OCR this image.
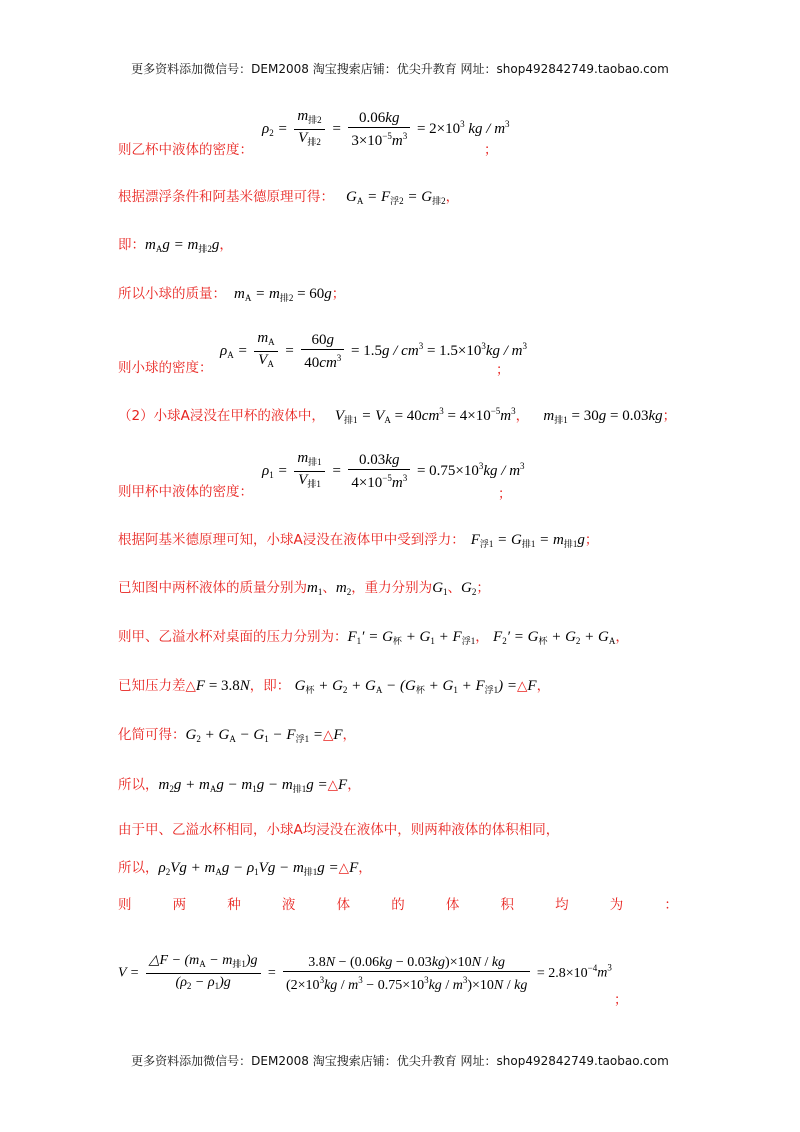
更多资料添加微信号：DEM2008 淘宝搜索店铺：优尖升教育 网址：shop492842749.taobao.com
$\rho_2 = \frac{m_{排2}}{V_{排2}} = \frac{0.06kg}{3\times 10^{-5}m^3} = 2\times 10^3$ kg / $m^3$
则乙杯中液体的密度：	；
根据漂浮条件和阿基米德原理可得： $G_A = F_{浮2} = G_{排2}$，
即：$m_Ag = m_{排2}g$，
所以小球的质量： $m_A = m_{排2} = 60g$；
$\rho_A = \frac{m_A}{V_A} = \frac{60g}{40cm^3} = 1.5g / cm^3 = 1.5\times 10^3kg / m^3$
则小球的密度：	；
（2）小球A浸没在甲杯的液体中， $V_{排1} = V_A = 40cm^3 = 4\times 10^{-5}m^3$， $m_{排1} = 30g = 0.03kg$；
$\rho_1 = \frac{m_{排1}}{V_{排1}} = \frac{0.03kg}{4\times 10^{-5}m^3} = 0.75\times 10^3kg / m^3$
则甲杯中液体的密度：	；
根据阿基米德原理可知，小球A浸没在液体甲中受到浮力： $F_{浮1} = G_{排1} = m_{排1}g$；
已知图中两杯液体的质量分别为$m_1$、$m_2$，重力分别为$G_1$、$G_2$；
则甲、乙溢水杯对桌面的压力分别为：$F_1' = G_杯 + G_1 + F_{浮1}$， $F_2' = G_杯 + G_2 + G_A$，
已知压力差△F = 3.8N，即： $G_杯 + G_2 + G_A - (G_杯 + G_1 + F_{浮1})$ =△F，
化简可得：$G_2 + G_A - G_1 - F_{浮1}$ =△F，
所以，$m_2g + m_Ag - m_1g - m_{排1}g$ =△F，
由于甲、乙溢水杯相同，小球A均浸没在液体中，则两种液体的体积相同，
所以，$\rho_2Vg + m_Ag - \rho_1Vg - m_{排1}g$ =△F，
则	两	种	液	体	的	体	积	均	为	：
$V = \frac{\triangle F - (m_A - m_{排1})g}{(\rho_2 - \rho_1)g} = \frac{3.8N - (0.06kg - 0.03kg)\times 10N / kg}{(2\times 10^3kg / m^3 - 0.75\times 10^3kg / m^3)\times 10N / kg} = 2.8\times 10^{-4}m^3$
；
更多资料添加微信号：DEM2008 淘宝搜索店铺：优尖升教育 网址：shop492842749.taobao.com
